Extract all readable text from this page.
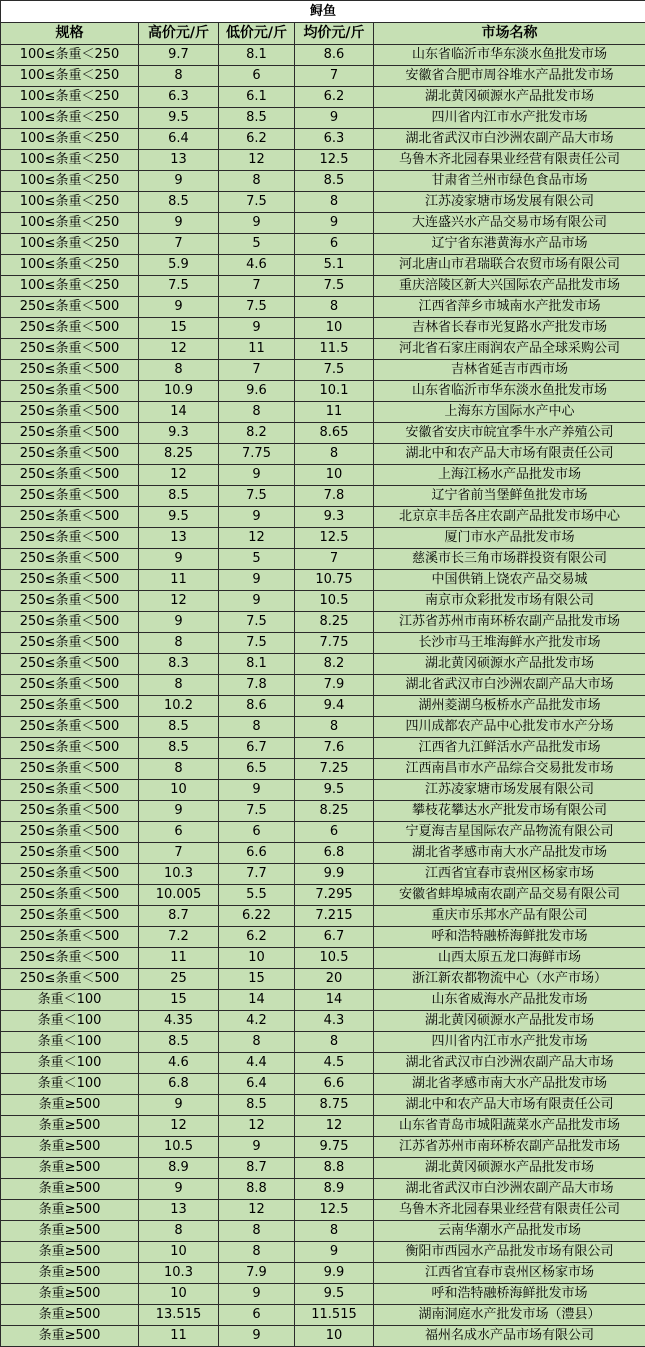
鲟鱼				
规格	高价元/斤	低价元/斤	均价元/斤	市场名称
100≤条重＜250	9.7	8.1	8.6	山东省临沂市华东淡水鱼批发市场
100≤条重＜250	8	6	7	安徽省合肥市周谷堆水产品批发市场
100≤条重＜250	6.3	6.1	6.2	湖北黄冈硕源水产品批发市场
100≤条重＜250	9.5	8.5	9	四川省内江市水产批发市场
100≤条重＜250	6.4	6.2	6.3	湖北省武汉市白沙洲农副产品大市场
100≤条重＜250	13	12	12.5	乌鲁木齐北园春果业经营有限责任公司
100≤条重＜250	9	8	8.5	甘肃省兰州市绿色食品市场
100≤条重＜250	8.5	7.5	8	江苏凌家塘市场发展有限公司
100≤条重＜250	9	9	9	大连盛兴水产品交易市场有限公司
100≤条重＜250	7	5	6	辽宁省东港黄海水产品市场
100≤条重＜250	5.9	4.6	5.1	河北唐山市君瑞联合农贸市场有限公司
100≤条重＜250	7.5	7	7.5	重庆涪陵区新大兴国际农产品批发市场
250≤条重＜500	9	7.5	8	江西省萍乡市城南水产批发市场
250≤条重＜500	15	9	10	吉林省长春市光复路水产批发市场
250≤条重＜500	12	11	11.5	河北省石家庄雨润农产品全球采购公司
250≤条重＜500	8	7	7.5	吉林省延吉市西市场
250≤条重＜500	10.9	9.6	10.1	山东省临沂市华东淡水鱼批发市场
250≤条重＜500	14	8	11	上海东方国际水产中心
250≤条重＜500	9.3	8.2	8.65	安徽省安庆市皖宜季牛水产养殖公司
250≤条重＜500	8.25	7.75	8	湖北中和农产品大市场有限责任公司
250≤条重＜500	12	9	10	上海江杨水产品批发市场
250≤条重＜500	8.5	7.5	7.8	辽宁省前当堡鲜鱼批发市场
250≤条重＜500	9.5	9	9.3	北京京丰岳各庄农副产品批发市场中心
250≤条重＜500	13	12	12.5	厦门市水产品批发市场
250≤条重＜500	9	5	7	慈溪市长三角市场群投资有限公司
250≤条重＜500	11	9	10.75	中国供销上饶农产品交易城
250≤条重＜500	12	9	10.5	南京市众彩批发市场有限公司
250≤条重＜500	9	7.5	8.25	江苏省苏州市南环桥农副产品批发市场
250≤条重＜500	8	7.5	7.75	长沙市马王堆海鲜水产批发市场
250≤条重＜500	8.3	8.1	8.2	湖北黄冈硕源水产品批发市场
250≤条重＜500	8	7.8	7.9	湖北省武汉市白沙洲农副产品大市场
250≤条重＜500	10.2	8.6	9.4	湖州菱湖乌板桥水产品批发市场
250≤条重＜500	8.5	8	8	四川成都农产品中心批发市水产分场
250≤条重＜500	8.5	6.7	7.6	江西省九江鲜活水产品批发市场
250≤条重＜500	8	6.5	7.25	江西南昌市水产品综合交易批发市场
250≤条重＜500	10	9	9.5	江苏凌家塘市场发展有限公司
250≤条重＜500	9	7.5	8.25	攀枝花攀达水产批发市场有限公司
250≤条重＜500	6	6	6	宁夏海吉星国际农产品物流有限公司
250≤条重＜500	7	6.6	6.8	湖北省孝感市南大水产品批发市场
250≤条重＜500	10.3	7.7	9.9	江西省宜春市袁州区杨家市场
250≤条重＜500	10.005	5.5	7.295	安徽省蚌埠城南农副产品交易有限公司
250≤条重＜500	8.7	6.22	7.215	重庆市乐邦水产品有限公司
250≤条重＜500	7.2	6.2	6.7	呼和浩特融桥海鲜批发市场
250≤条重＜500	11	10	10.5	山西太原五龙口海鲜市场
250≤条重＜500	25	15	20	浙江新农都物流中心（水产市场）
条重＜100	15	14	14	山东省威海水产品批发市场
条重＜100	4.35	4.2	4.3	湖北黄冈硕源水产品批发市场
条重＜100	8.5	8	8	四川省内江市水产批发市场
条重＜100	4.6	4.4	4.5	湖北省武汉市白沙洲农副产品大市场
条重＜100	6.8	6.4	6.6	湖北省孝感市南大水产品批发市场
条重≥500	9	8.5	8.75	湖北中和农产品大市场有限责任公司
条重≥500	12	12	12	山东省青岛市城阳蔬菜水产品批发市场
条重≥500	10.5	9	9.75	江苏省苏州市南环桥农副产品批发市场
条重≥500	8.9	8.7	8.8	湖北黄冈硕源水产品批发市场
条重≥500	9	8.8	8.9	湖北省武汉市白沙洲农副产品大市场
条重≥500	13	12	12.5	乌鲁木齐北园春果业经营有限责任公司
条重≥500	8	8	8	云南华潮水产品批发市场
条重≥500	10	8	9	衡阳市西园水产品批发市场有限公司
条重≥500	10.3	7.9	9.9	江西省宜春市袁州区杨家市场
条重≥500	10	9	9.5	呼和浩特融桥海鲜批发市场
条重≥500	13.515	6	11.515	湖南洞庭水产批发市场（澧县）
条重≥500	11	9	10	福州名成水产品市场有限公司
